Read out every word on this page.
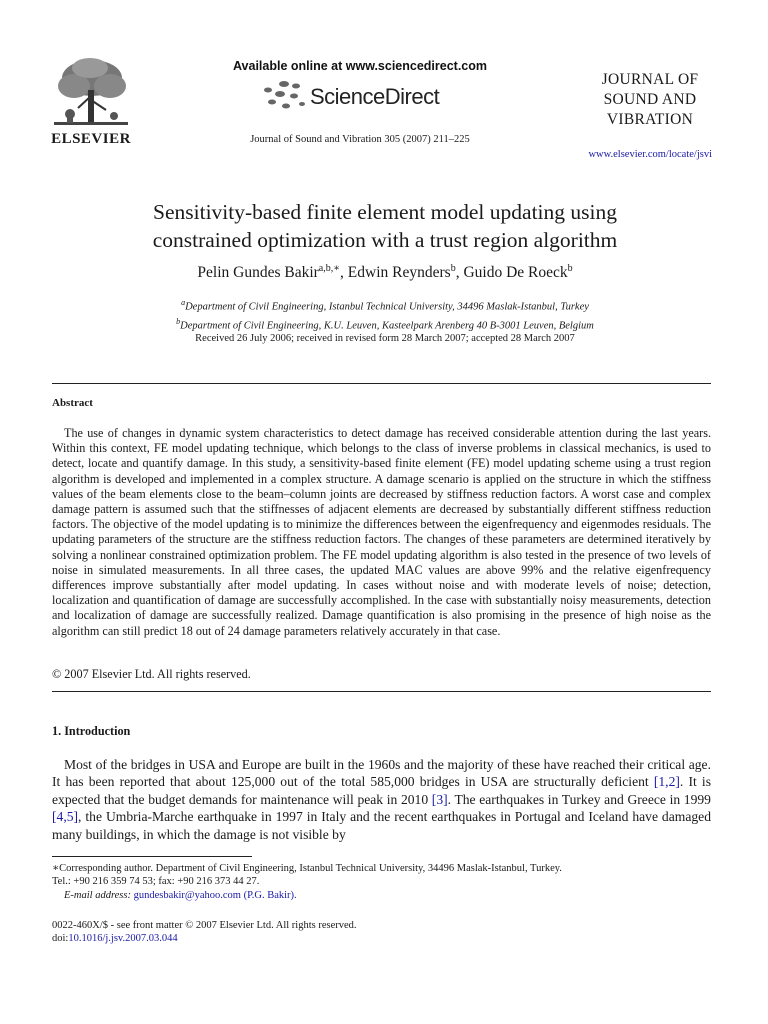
ELSEVIER
Available online at www.sciencedirect.com
ScienceDirect
Journal of Sound and Vibration 305 (2007) 211–225
JOURNAL OF
SOUND AND
VIBRATION
www.elsevier.com/locate/jsvi
Sensitivity-based finite element model updating using
constrained optimization with a trust region algorithm
Pelin Gundes Bakir$^{a,b,∗}$, Edwin Reynders$^b$, Guido De Roeck$^b$
$^a$Department of Civil Engineering, Istanbul Technical University, 34496 Maslak-Istanbul, Turkey
$^b$Department of Civil Engineering, K.U. Leuven, Kasteelpark Arenberg 40 B-3001 Leuven, Belgium
Received 26 July 2006; received in revised form 28 March 2007; accepted 28 March 2007
Abstract
The use of changes in dynamic system characteristics to detect damage has received considerable attention during the last years. Within this context, FE model updating technique, which belongs to the class of inverse problems in classical mechanics, is used to detect, locate and quantify damage. In this study, a sensitivity-based finite element (FE) model updating scheme using a trust region algorithm is developed and implemented in a complex structure. A damage scenario is applied on the structure in which the stiffness values of the beam elements close to the beam–column joints are decreased by stiffness reduction factors. A worst case and complex damage pattern is assumed such that the stiffnesses of adjacent elements are decreased by substantially different stiffness reduction factors. The objective of the model updating is to minimize the differences between the eigenfrequency and eigenmodes residuals. The updating parameters of the structure are the stiffness reduction factors. The changes of these parameters are determined iteratively by solving a nonlinear constrained optimization problem. The FE model updating algorithm is also tested in the presence of two levels of noise in simulated measurements. In all three cases, the updated MAC values are above 99% and the relative eigenfrequency differences improve substantially after model updating. In cases without noise and with moderate levels of noise; detection, localization and quantification of damage are successfully accomplished. In the case with substantially noisy measurements, detection and localization of damage are successfully realized. Damage quantification is also promising in the presence of high noise as the algorithm can still predict 18 out of 24 damage parameters relatively accurately in that case.
© 2007 Elsevier Ltd. All rights reserved.
1. Introduction
Most of the bridges in USA and Europe are built in the 1960s and the majority of these have reached their critical age. It has been reported that about 125,000 out of the total 585,000 bridges in USA are structurally deficient [1,2]. It is expected that the budget demands for maintenance will peak in 2010 [3]. The earthquakes in Turkey and Greece in 1999 [4,5], the Umbria-Marche earthquake in 1997 in Italy and the recent earthquakes in Portugal and Iceland have damaged many buildings, in which the damage is not visible by
∗Corresponding author. Department of Civil Engineering, Istanbul Technical University, 34496 Maslak-Istanbul, Turkey.
Tel.: +90 216 359 74 53; fax: +90 216 373 44 27.
E-mail address: gundesbakir@yahoo.com (P.G. Bakir).
0022-460X/$ - see front matter © 2007 Elsevier Ltd. All rights reserved.
doi:10.1016/j.jsv.2007.03.044
